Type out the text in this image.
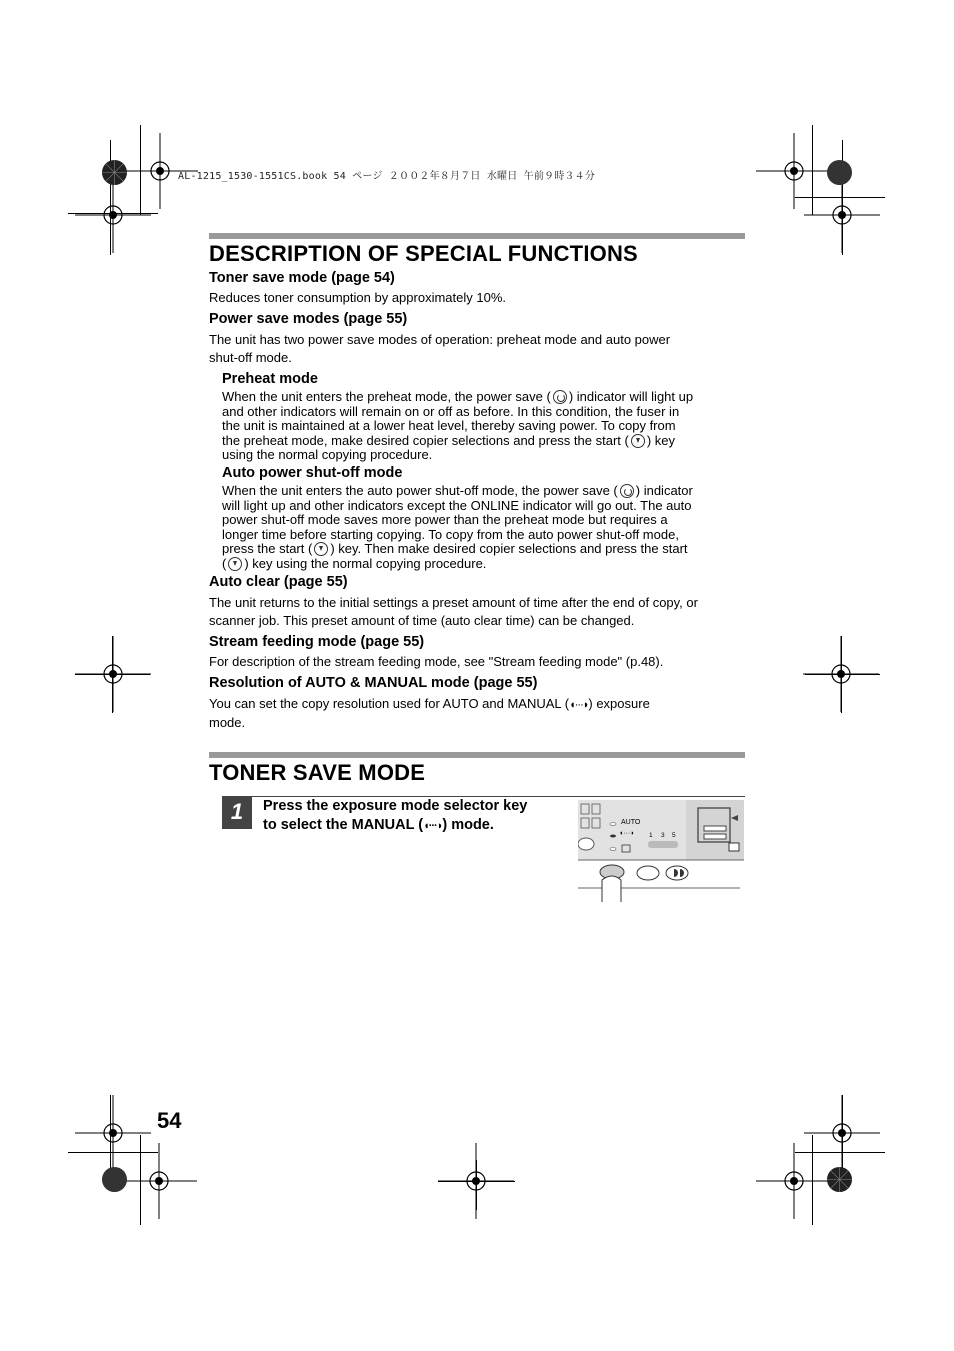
AL-1215_1530-1551CS.book 54 ページ ２００２年８月７日 水曜日 午前９時３４分
DESCRIPTION OF SPECIAL FUNCTIONS
Toner save mode (page 54)
Reduces toner consumption by approximately 10%.
Power save modes (page 55)
The unit has two power save modes of operation: preheat mode and auto power
shut-off mode.
Preheat mode
When the unit enters the preheat mode, the power save ( ) indicator will light up
and other indicators will remain on or off as before. In this condition, the fuser in
the unit is maintained at a lower heat level, thereby saving power. To copy from
the preheat mode, make desired copier selections and press the start ( ) key
using the normal copying procedure.
Auto power shut-off mode
When the unit enters the auto power shut-off mode, the power save ( ) indicator
will light up and other indicators except the ONLINE indicator will go out. The auto
power shut-off mode saves more power than the preheat mode but requires a
longer time before starting copying. To copy from the auto power shut-off mode,
press the start ( ) key. Then make desired copier selections and press the start
( ) key using the normal copying procedure.
Auto clear (page 55)
The unit returns to the initial settings a preset amount of time after the end of copy, or
scanner job. This preset amount of time (auto clear time) can be changed.
Stream feeding mode (page 55)
For description of the stream feeding mode, see "Stream feeding mode" (p.48).
Resolution of AUTO & MANUAL mode (page 55)
You can set the copy resolution used for AUTO and MANUAL (◖···◗) exposure
mode.
TONER SAVE MODE
1	Press the exposure mode selector key
to select the MANUAL (◖···◗) mode.	AUTO
1 3 5
◖···◗
54
